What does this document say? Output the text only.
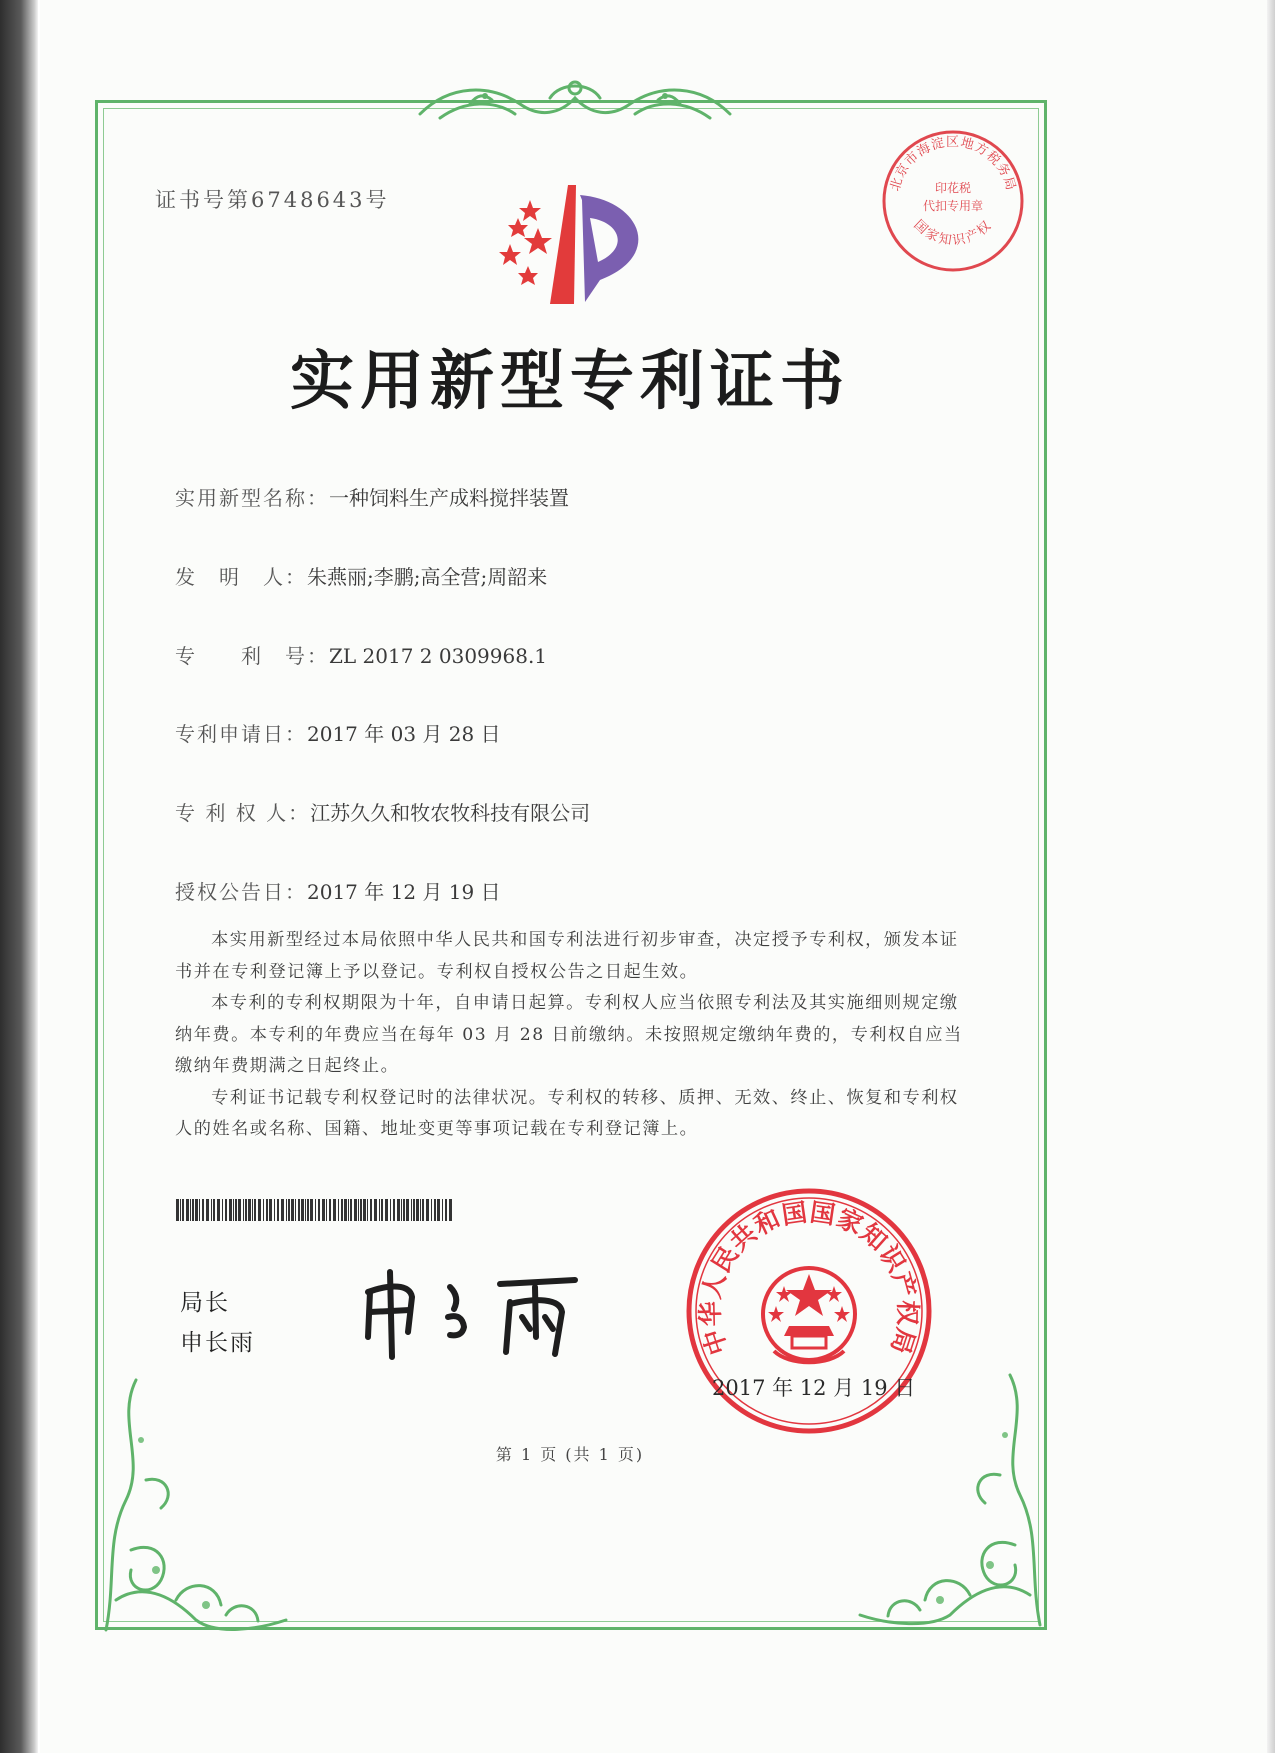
证书号第6748643号
北京市海淀区地方税务局
国家知识产权
印花税
代扣专用章
实用新型专利证书
实用新型名称：一种饲料生产成料搅拌装置
发　明　人：朱燕丽;李鹏;高全营;周韶来
专　　利　号：ZL 2017 2 0309968.1
专利申请日：2017 年 03 月 28 日
专 利 权 人：江苏久久和牧农牧科技有限公司
授权公告日：2017 年 12 月 19 日

本实用新型经过本局依照中华人民共和国专利法进行初步审查，决定授予专利权，颁发本证书并在专利登记簿上予以登记。专利权自授权公告之日起生效。

本专利的专利权期限为十年，自申请日起算。专利权人应当依照专利法及其实施细则规定缴纳年费。本专利的年费应当在每年 03 月 28 日前缴纳。未按照规定缴纳年费的，专利权自应当缴纳年费期满之日起终止。

专利证书记载专利权登记时的法律状况。专利权的转移、质押、无效、终止、恢复和专利权人的姓名或名称、国籍、地址变更等事项记载在专利登记簿上。

局长
申长雨	中华人民共和国国家知识产权局
2017 年 12 月 19 日
第 1 页 (共 1 页)
